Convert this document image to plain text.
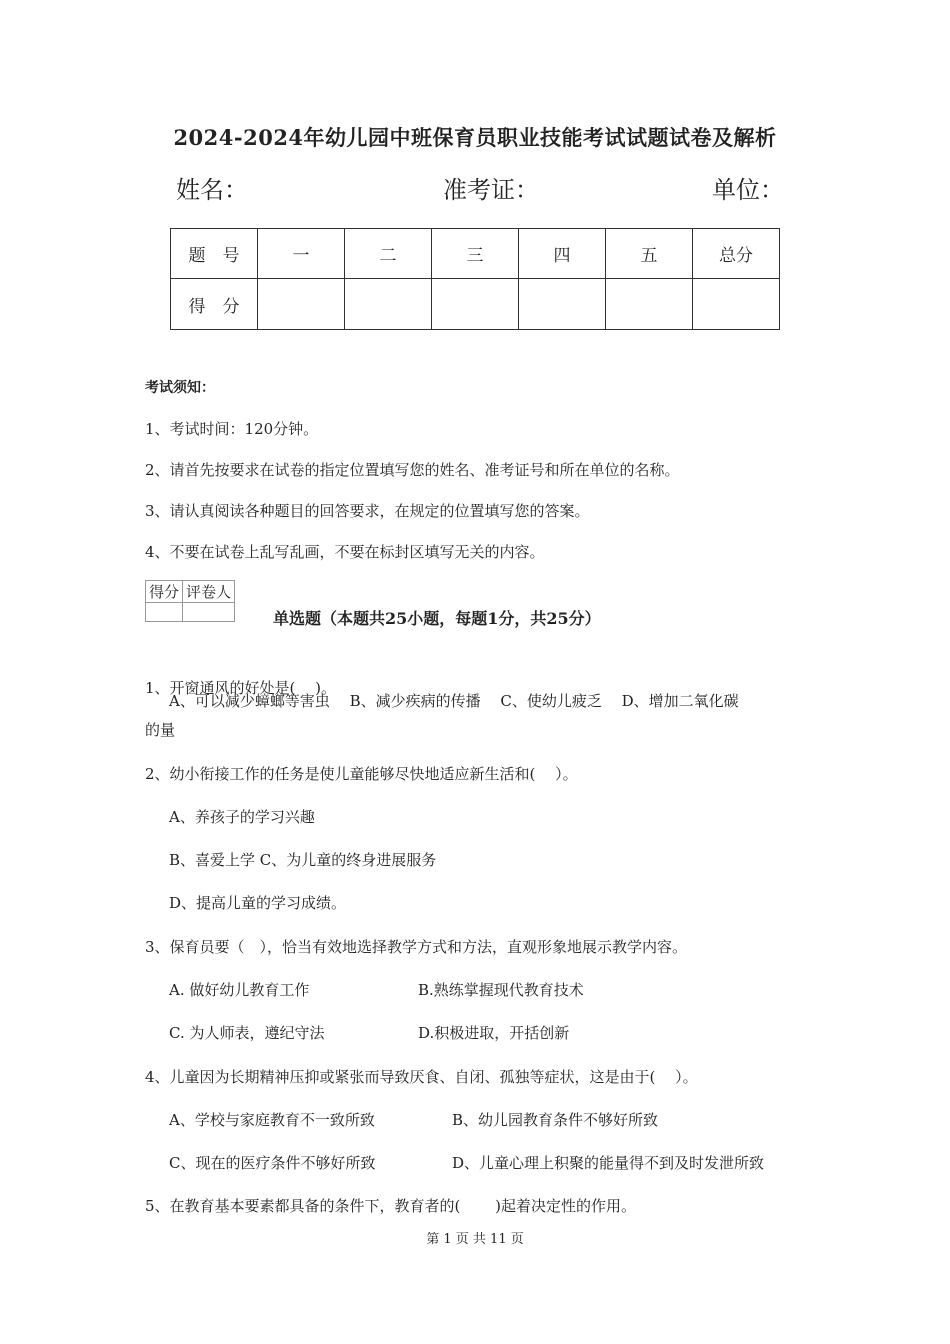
2024-2024年幼儿园中班保育员职业技能考试试题试卷及解析
姓名：	准考证：	单位：
题　号	一	二	三	四	五	总分
得　分						
考试须知：
1、考试时间：120分钟。
2、请首先按要求在试卷的指定位置填写您的姓名、准考证号和所在单位的名称。
3、请认真阅读各种题目的回答要求，在规定的位置填写您的答案。
4、不要在试卷上乱写乱画，不要在标封区填写无关的内容。
得分	评卷人

单选题（本题共25小题，每题1分，共25分）
1、开窗通风的好处是(　 )。
A、可以减少蟑螂等害虫　 B、减少疾病的传播　 C、使幼儿疲乏　 D、增加二氧化碳
的量
2、幼小衔接工作的任务是使儿童能够尽快地适应新生活和(　 ）。
A、养孩子的学习兴趣
B、喜爱上学 C、为儿童的终身进展服务
D、提高儿童的学习成绩。
3、保育员要（　），恰当有效地选择教学方式和方法，直观形象地展示教学内容。
A. 做好幼儿教育工作	B.熟练掌握现代教育技术
C. 为人师表，遵纪守法	D.积极进取，开括创新
4、儿童因为长期精神压抑或紧张而导致厌食、自闭、孤独等症状，这是由于(　 ）。
A、学校与家庭教育不一致所致	B、幼儿园教育条件不够好所致
C、现在的医疗条件不够好所致	D、儿童心理上积聚的能量得不到及时发泄所致
5、在教育基本要素都具备的条件下，教育者的(　 　)起着决定性的作用。
第 1 页 共 11 页
